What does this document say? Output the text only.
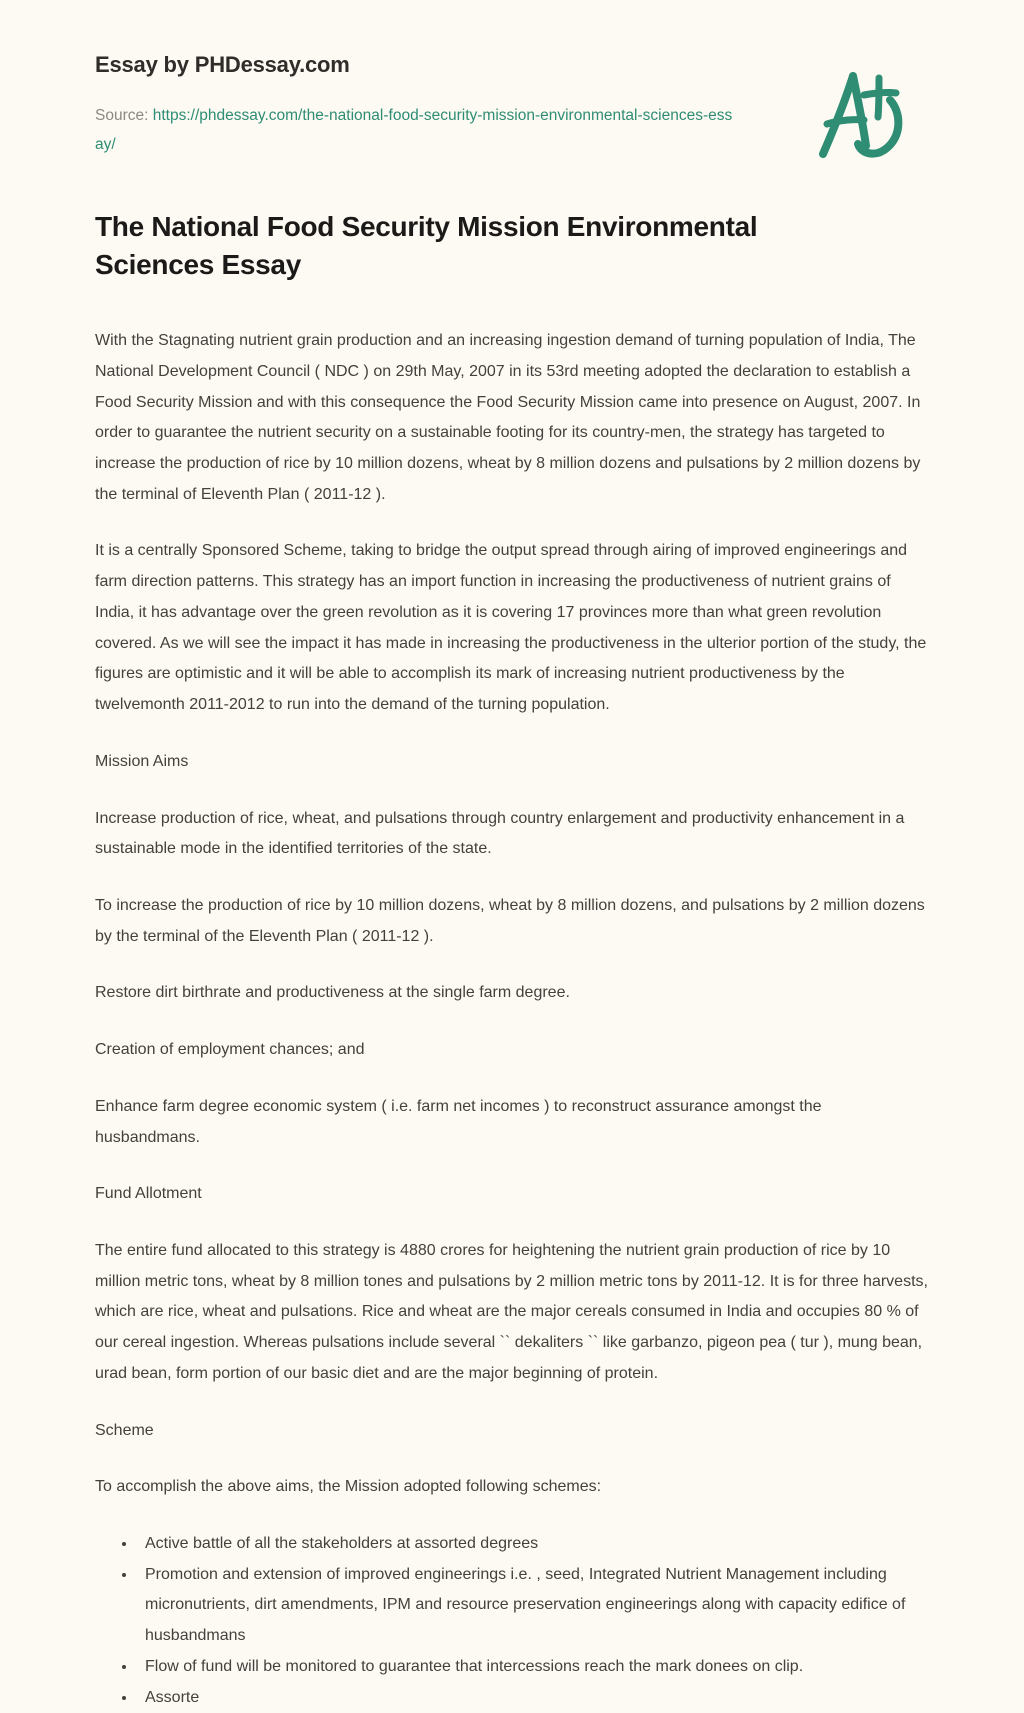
Essay by PHDessay.com
Source: https://phdessay.com/the-national-food-security-mission-environmental-sciences-essay/
The National Food Security Mission Environmental Sciences Essay

With the Stagnating nutrient grain production and an increasing ingestion demand of turning population of India, The National Development Council ( NDC ) on 29th May, 2007 in its 53rd meeting adopted the declaration to establish a Food Security Mission and with this consequence the Food Security Mission came into presence on August, 2007. In order to guarantee the nutrient security on a sustainable footing for its country-men, the strategy has targeted to increase the production of rice by 10 million dozens, wheat by 8 million dozens and pulsations by 2 million dozens by the terminal of Eleventh Plan ( 2011-12 ).

It is a centrally Sponsored Scheme, taking to bridge the output spread through airing of improved engineerings and farm direction patterns. This strategy has an import function in increasing the productiveness of nutrient grains of India, it has advantage over the green revolution as it is covering 17 provinces more than what green revolution covered. As we will see the impact it has made in increasing the productiveness in the ulterior portion of the study, the figures are optimistic and it will be able to accomplish its mark of increasing nutrient productiveness by the twelvemonth 2011-2012 to run into the demand of the turning population.

Mission Aims

Increase production of rice, wheat, and pulsations through country enlargement and productivity enhancement in a sustainable mode in the identified territories of the state.

To increase the production of rice by 10 million dozens, wheat by 8 million dozens, and pulsations by 2 million dozens by the terminal of the Eleventh Plan ( 2011-12 ).

Restore dirt birthrate and productiveness at the single farm degree.

Creation of employment chances; and

Enhance farm degree economic system ( i.e. farm net incomes ) to reconstruct assurance amongst the husbandmans.

Fund Allotment

The entire fund allocated to this strategy is 4880 crores for heightening the nutrient grain production of rice by 10 million metric tons, wheat by 8 million tones and pulsations by 2 million metric tons by 2011-12. It is for three harvests, which are rice, wheat and pulsations. Rice and wheat are the major cereals consumed in India and occupies 80 % of our cereal ingestion. Whereas pulsations include several `` dekaliters `` like garbanzo, pigeon pea ( tur ), mung bean, urad bean, form portion of our basic diet and are the major beginning of protein.

Scheme

To accomplish the above aims, the Mission adopted following schemes:

• Active battle of all the stakeholders at assorted degrees
• Promotion and extension of improved engineerings i.e. , seed, Integrated Nutrient Management including micronutrients, dirt amendments, IPM and resource preservation engineerings along with capacity edifice of husbandmans
• Flow of fund will be monitored to guarantee that intercessions reach the mark donees on clip.
• Assorte
